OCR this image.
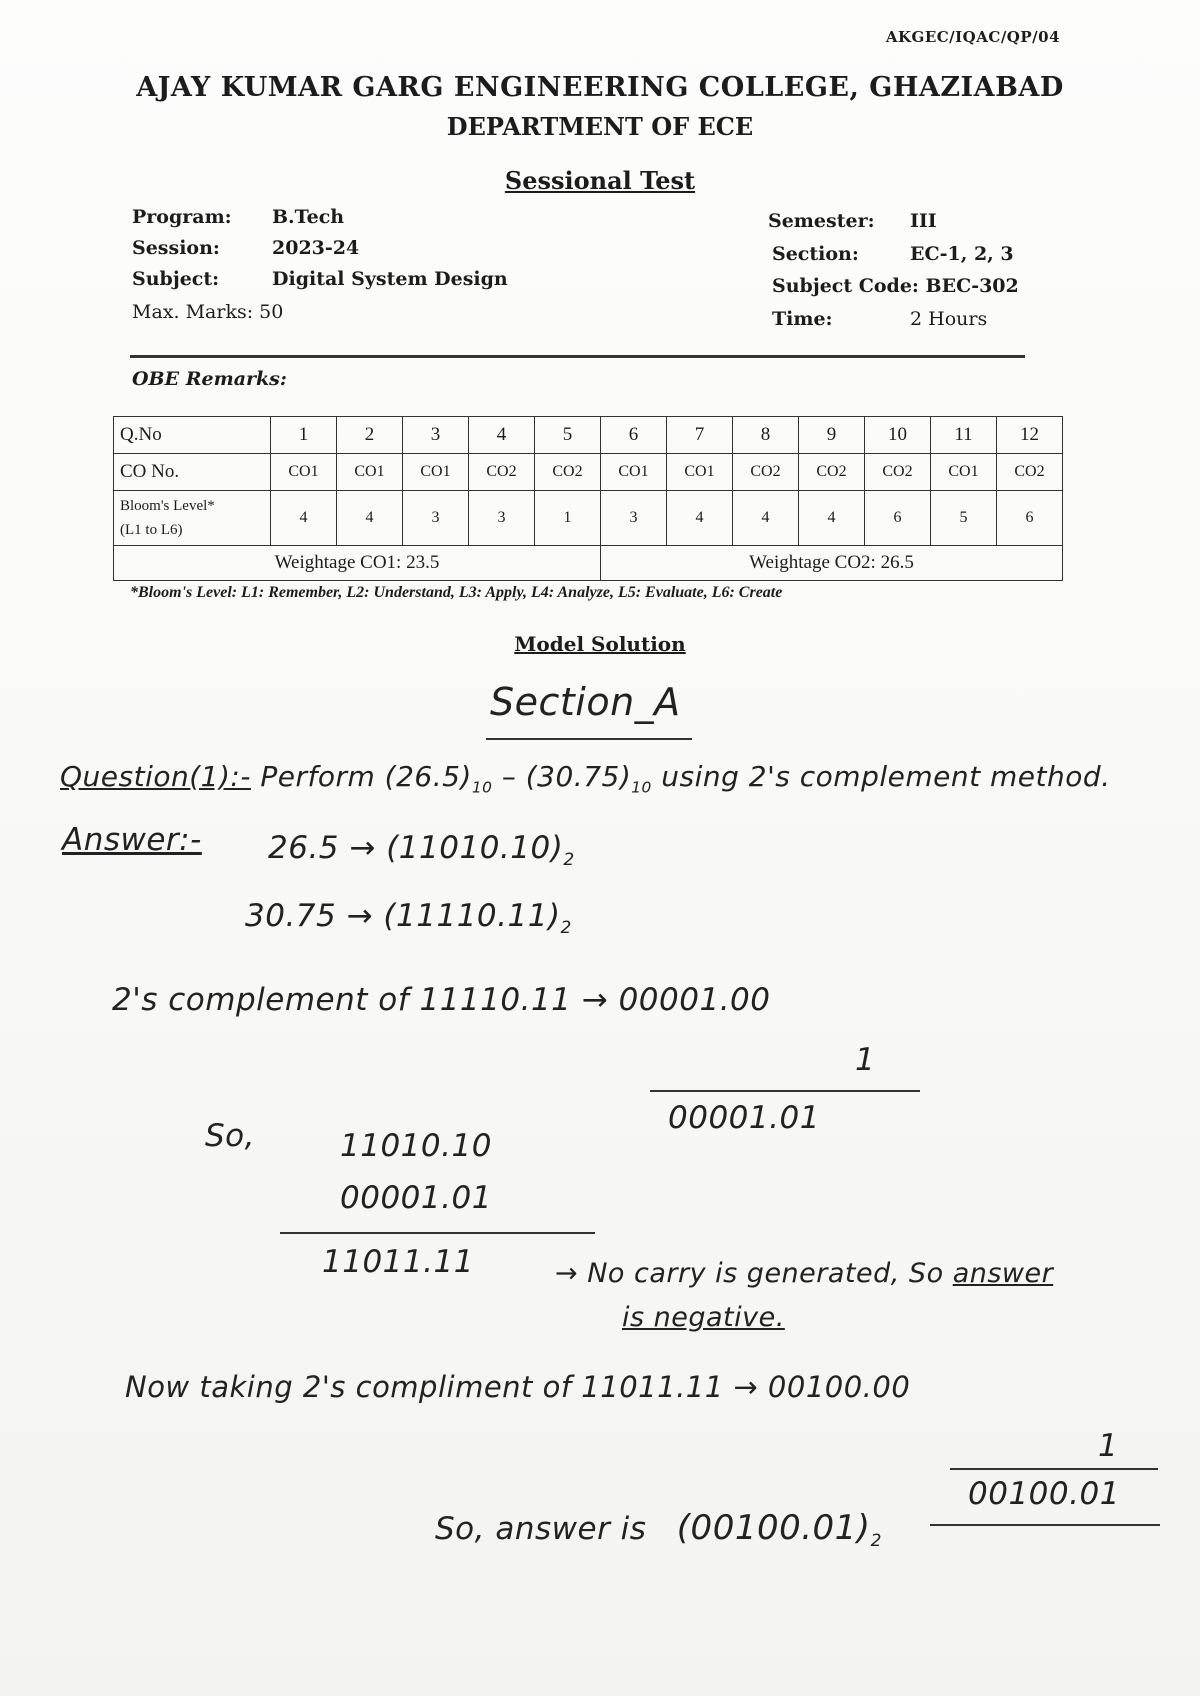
AKGEC/IQAC/QP/04
AJAY KUMAR GARG ENGINEERING COLLEGE, GHAZIABAD
DEPARTMENT OF ECE
Sessional Test
Program: B.Tech
Session:	2023-24
Subject:	Digital System Design
Max. Marks: 50
Semester: III
Section:	EC-1, 2, 3
Subject Code: BEC-302
Time:	2 Hours
OBE Remarks:
Q.No	1	2	3	4	5	6	7	8	9	10	11	12
CO No.	CO1	CO1	CO1	CO2	CO2	CO1	CO1	CO2	CO2	CO2	CO1	CO2
Bloom's Level*
(L1 to L6)	4	4	3	3	1	3	4	4	4	6	5	6
Weightage CO1: 23.5						Weightage CO2: 26.5						
*Bloom's Level: L1: Remember, L2: Understand, L3: Apply, L4: Analyze, L5: Evaluate, L6: Create
Model Solution
Section_A
Question(1):- Perform $(26.5)_{10} - (30.75)_{10}$ using 2's complement method.
Answer:- $26.5 \to (11010.10)_2$
$30.75 \to (11110.11)_2$
2's complement of 11110.11 → 00001.00
1
00001.01
So,	11010.10
00001.01
11011.11	→ No carry is generated, So answer
is negative.
Now taking 2's compliment of 11011.11 → 00100.00
1
00100.01
So, answer is $(00100.01)_2$
